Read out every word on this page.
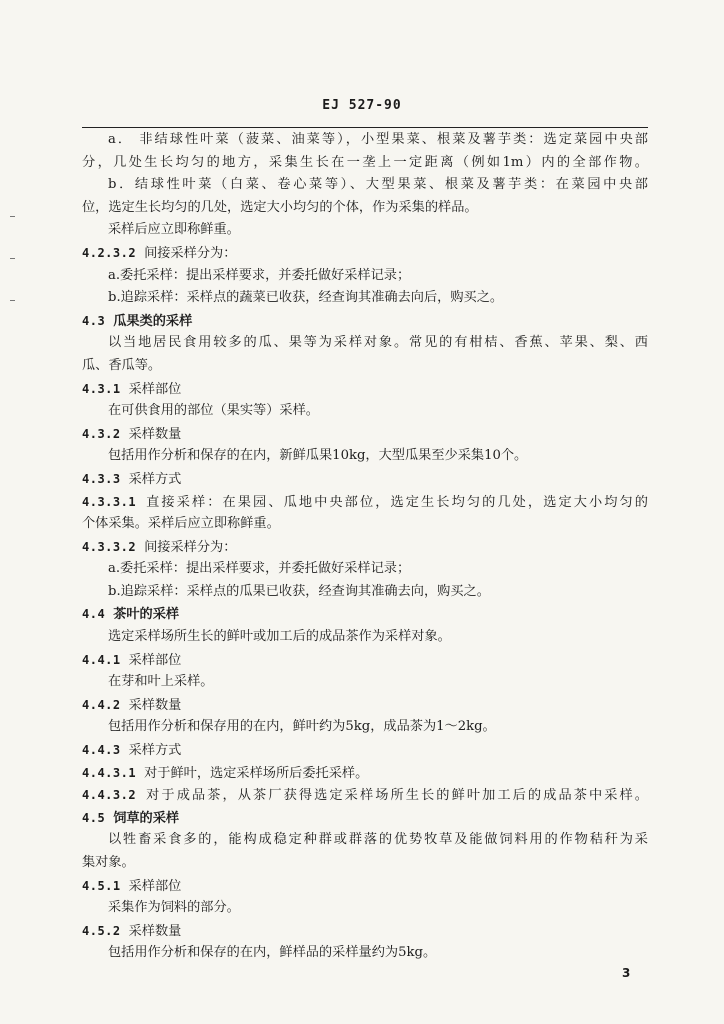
EJ 527-90
a． 非结球性叶菜（菠菜、油菜等），小型果菜、根菜及薯芋类：选定菜园中央部
分，几处生长均匀的地方，采集生长在一垄上一定距离（例如1m）内的全部作物。
b．结球性叶菜（白菜、卷心菜等）、大型果菜、根菜及薯芋类：在菜园中央部
位，选定生长均匀的几处，选定大小均匀的个体，作为采集的样品。
采样后应立即称鲜重。
4.2.3.2 间接采样分为：
a.委托采样：提出采样要求，并委托做好采样记录；
b.追踪采样：采样点的蔬菜已收获，经查询其准确去向后，购买之。
4.3 瓜果类的采样
以当地居民食用较多的瓜、果等为采样对象。常见的有柑桔、香蕉、苹果、梨、西
瓜、香瓜等。
4.3.1 采样部位
在可供食用的部位（果实等）采样。
4.3.2 采样数量
包括用作分析和保存的在内，新鲜瓜果10kg，大型瓜果至少采集10个。
4.3.3 采样方式
4.3.3.1 直接采样：在果园、瓜地中央部位，选定生长均匀的几处，选定大小均匀的
个体采集。采样后应立即称鲜重。
4.3.3.2 间接采样分为：
a.委托采样：提出采样要求，并委托做好采样记录；
b.追踪采样：采样点的瓜果已收获，经查询其准确去向，购买之。
4.4 茶叶的采样
选定采样场所生长的鲜叶或加工后的成品茶作为采样对象。
4.4.1 采样部位
在芽和叶上采样。
4.4.2 采样数量
包括用作分析和保存用的在内，鲜叶约为5kg，成品茶为1～2kg。
4.4.3 采样方式
4.4.3.1 对于鲜叶，选定采样场所后委托采样。
4.4.3.2 对于成品茶，从茶厂获得选定采样场所生长的鲜叶加工后的成品茶中采样。
4.5 饲草的采样
以牲畜采食多的，能构成稳定种群或群落的优势牧草及能做饲料用的作物秸秆为采
集对象。
4.5.1 采样部位
采集作为饲料的部分。
4.5.2 采样数量
包括用作分析和保存的在内，鲜样品的采样量约为5kg。
3
